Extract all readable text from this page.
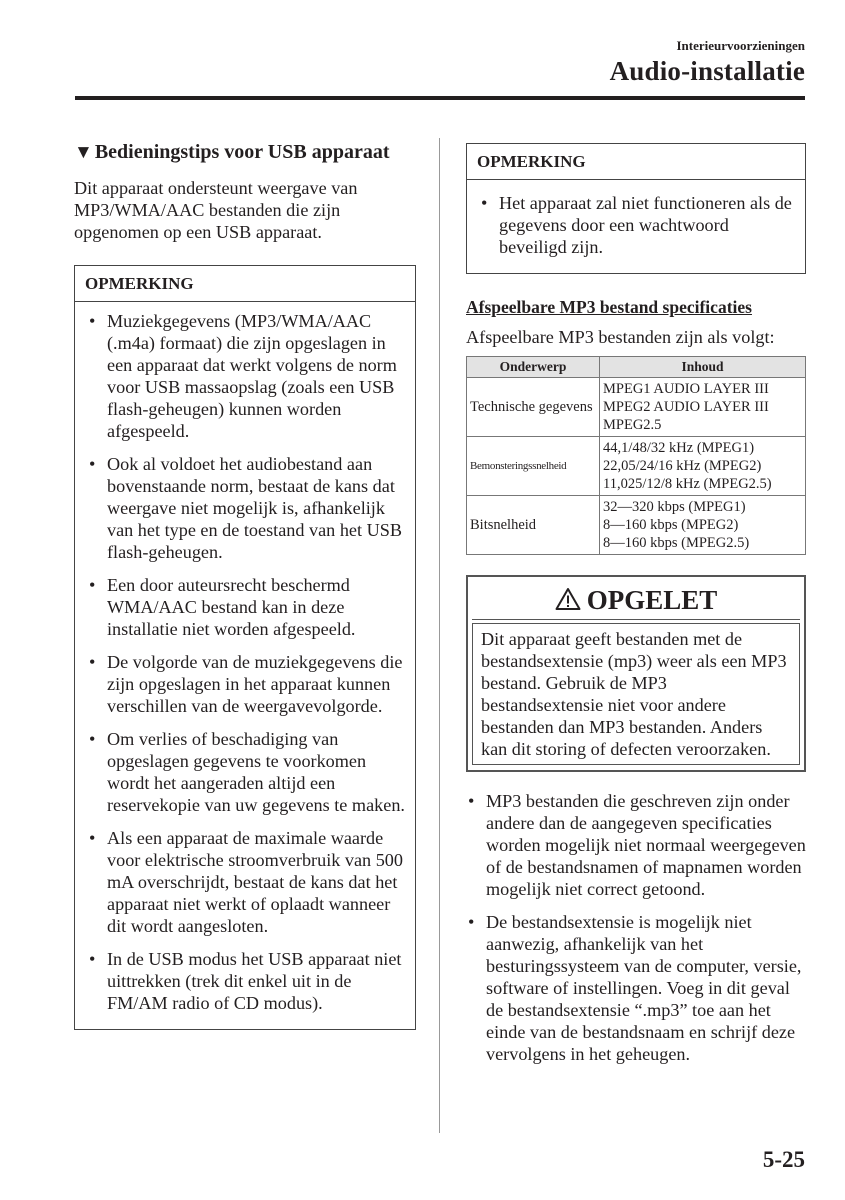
Interieurvoorzieningen
Audio-installatie
▼ Bedieningstips voor USB apparaat

Dit apparaat ondersteunt weergave van MP3/WMA/AAC bestanden die zijn opgenomen op een USB apparaat.

OPMERKING
• Muziekgegevens (MP3/WMA/AAC (.m4a) formaat) die zijn opgeslagen in een apparaat dat werkt volgens de norm voor USB massaopslag (zoals een USB flash-geheugen) kunnen worden afgespeeld.
• Ook al voldoet het audiobestand aan bovenstaande norm, bestaat de kans dat weergave niet mogelijk is, afhankelijk van het type en de toestand van het USB flash-geheugen.
• Een door auteursrecht beschermd WMA/AAC bestand kan in deze installatie niet worden afgespeeld.
• De volgorde van de muziekgegevens die zijn opgeslagen in het apparaat kunnen verschillen van de weergavevolgorde.
• Om verlies of beschadiging van opgeslagen gegevens te voorkomen wordt het aangeraden altijd een reservekopie van uw gegevens te maken.
• Als een apparaat de maximale waarde voor elektrische stroomverbruik van 500 mA overschrijdt, bestaat de kans dat het apparaat niet werkt of oplaadt wanneer dit wordt aangesloten.
• In de USB modus het USB apparaat niet uittrekken (trek dit enkel uit in de FM/AM radio of CD modus).
OPMERKING
• Het apparaat zal niet functioneren als de gegevens door een wachtwoord beveiligd zijn.
Afspeelbare MP3 bestand specificaties

Afspeelbare MP3 bestanden zijn als volgt:

Onderwerp	Inhoud
Technische gegevens	MPEG1 AUDIO LAYER III
MPEG2 AUDIO LAYER III
MPEG2.5

Bemonsteringssnelheid	44,1/48/32 kHz (MPEG1)
22,05/24/16 kHz (MPEG2)
11,025/12/8 kHz (MPEG2.5)

Bitsnelheid	32—320 kbps (MPEG1)
8—160 kbps (MPEG2)
8—160 kbps (MPEG2.5)
OPGELET
Dit apparaat geeft bestanden met de bestandsextensie (mp3) weer als een MP3 bestand. Gebruik de MP3 bestandsextensie niet voor andere bestanden dan MP3 bestanden. Anders kan dit storing of defecten veroorzaken.
• MP3 bestanden die geschreven zijn onder andere dan de aangegeven specificaties worden mogelijk niet normaal weergegeven of de bestandsnamen of mapnamen worden mogelijk niet correct getoond.
• De bestandsextensie is mogelijk niet aanwezig, afhankelijk van het besturingssysteem van de computer, versie, software of instellingen. Voeg in dit geval de bestandsextensie “.mp3” toe aan het einde van de bestandsnaam en schrijf deze vervolgens in het geheugen.
5-25
